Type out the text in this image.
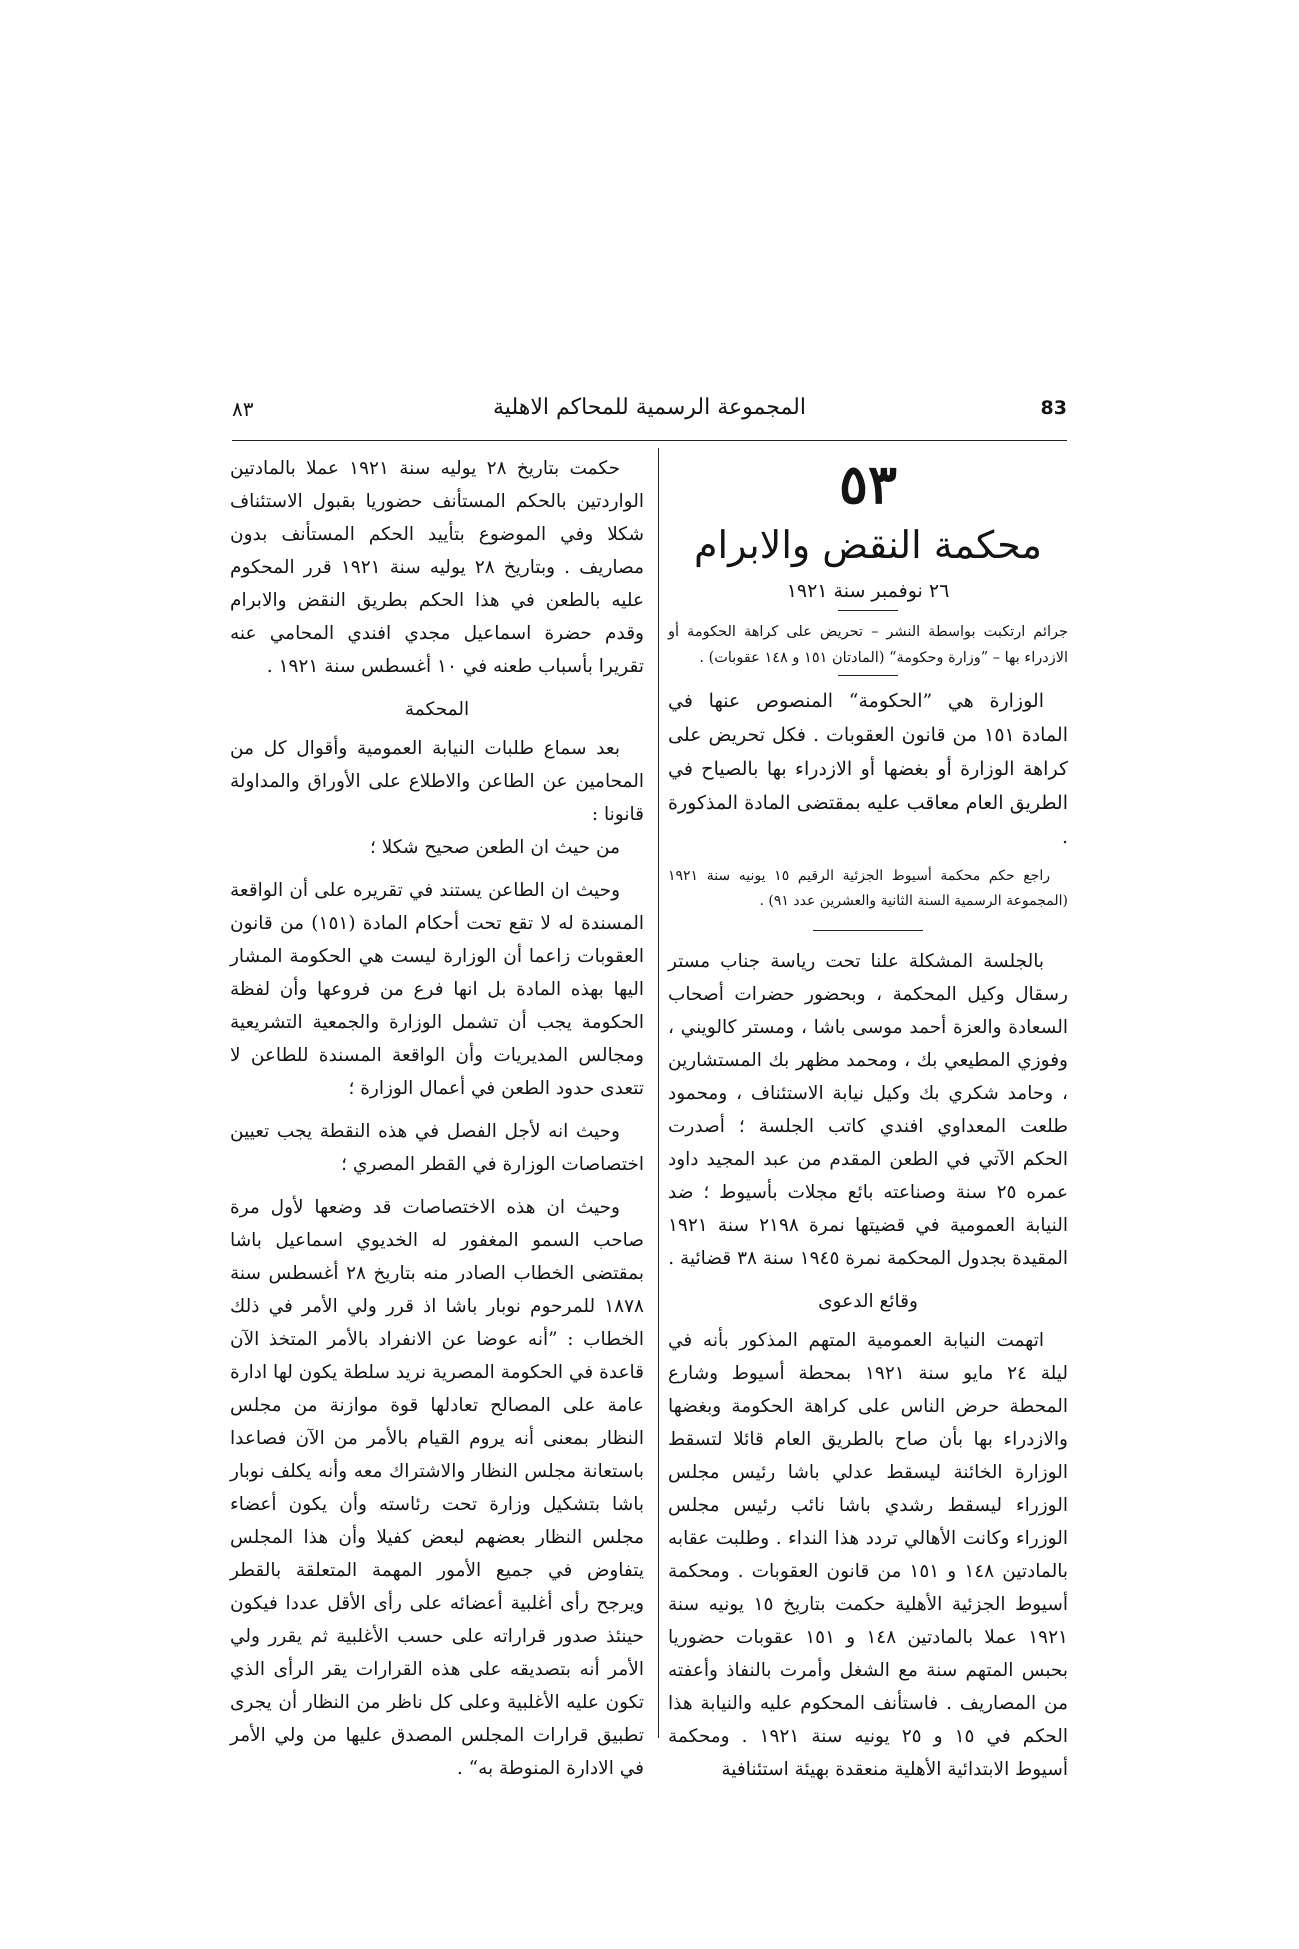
٨٣	المجموعة الرسمية للمحاكم الاهلية	83
٥٣
محكمة النقض والابرام
٢٦ نوفمبر سنة ١٩٢١

جرائم ارتكبت بواسطة النشر – تحريض على كراهة الحكومة أو الازدراء بها – ”وزارة وحكومة“ (المادتان ١٥١ و ١٤٨ عقوبات) .

الوزارة هي ”الحكومة“ المنصوص عنها في المادة ١٥١ من قانون العقوبات . فكل تحريض على كراهة الوزارة أو بغضها أو الازدراء بها بالصياح في الطريق العام معاقب عليه بمقتضى المادة المذكورة .

راجع حكم محكمة أسيوط الجزئية الرقيم ١٥ يونيه سنة ١٩٢١ (المجموعة الرسمية السنة الثانية والعشرين عدد ٩١) .

بالجلسة المشكلة علنا تحت رياسة جناب مستر رسقال وكيل المحكمة ، وبحضور حضرات أصحاب السعادة والعزة أحمد موسى باشا ، ومستر كالويني ، وفوزي المطيعي بك ، ومحمد مظهر بك المستشارين ، وحامد شكري بك وكيل نيابة الاستئناف ، ومحمود طلعت المعداوي افندي كاتب الجلسة ؛ أصدرت الحكم الآتي في الطعن المقدم من عبد المجيد داود عمره ٢٥ سنة وصناعته بائع مجلات بأسيوط ؛ ضد النيابة العمومية في قضيتها نمرة ٢١٩٨ سنة ١٩٢١ المقيدة بجدول المحكمة نمرة ١٩٤٥ سنة ٣٨ قضائية .

وقائع الدعوى

اتهمت النيابة العمومية المتهم المذكور بأنه في ليلة ٢٤ مايو سنة ١٩٢١ بمحطة أسيوط وشارع المحطة حرض الناس على كراهة الحكومة وبغضها والازدراء بها بأن صاح بالطريق العام قائلا لتسقط الوزارة الخائنة ليسقط عدلي باشا رئيس مجلس الوزراء ليسقط رشدي باشا نائب رئيس مجلس الوزراء وكانت الأهالي تردد هذا النداء . وطلبت عقابه بالمادتين ١٤٨ و ١٥١ من قانون العقوبات . ومحكمة أسيوط الجزئية الأهلية حكمت بتاريخ ١٥ يونيه سنة ١٩٢١ عملا بالمادتين ١٤٨ و ١٥١ عقوبات حضوريا بحبس المتهم سنة مع الشغل وأمرت بالنفاذ وأعفته من المصاريف . فاستأنف المحكوم عليه والنيابة هذا الحكم في ١٥ و ٢٥ يونيه سنة ١٩٢١ . ومحكمة أسيوط الابتدائية الأهلية منعقدة بهيئة استئنافية

حكمت بتاريخ ٢٨ يوليه سنة ١٩٢١ عملا بالمادتين الواردتين بالحكم المستأنف حضوريا بقبول الاستئناف شكلا وفي الموضوع بتأييد الحكم المستأنف بدون مصاريف . وبتاريخ ٢٨ يوليه سنة ١٩٢١ قرر المحكوم عليه بالطعن في هذا الحكم بطريق النقض والابرام وقدم حضرة اسماعيل مجدي افندي المحامي عنه تقريرا بأسباب طعنه في ١٠ أغسطس سنة ١٩٢١ .

المحكمة

بعد سماع طلبات النيابة العمومية وأقوال كل من المحامين عن الطاعن والاطلاع على الأوراق والمداولة قانونا :

من حيث ان الطعن صحيح شكلا ؛

وحيث ان الطاعن يستند في تقريره على أن الواقعة المسندة له لا تقع تحت أحكام المادة (١٥١) من قانون العقوبات زاعما أن الوزارة ليست هي الحكومة المشار اليها بهذه المادة بل انها فرع من فروعها وأن لفظة الحكومة يجب أن تشمل الوزارة والجمعية التشريعية ومجالس المديريات وأن الواقعة المسندة للطاعن لا تتعدى حدود الطعن في أعمال الوزارة ؛

وحيث انه لأجل الفصل في هذه النقطة يجب تعيين اختصاصات الوزارة في القطر المصري ؛

وحيث ان هذه الاختصاصات قد وضعها لأول مرة صاحب السمو المغفور له الخديوي اسماعيل باشا بمقتضى الخطاب الصادر منه بتاريخ ٢٨ أغسطس سنة ١٨٧٨ للمرحوم نوبار باشا اذ قرر ولي الأمر في ذلك الخطاب : ”أنه عوضا عن الانفراد بالأمر المتخذ الآن قاعدة في الحكومة المصرية نريد سلطة يكون لها ادارة عامة على المصالح تعادلها قوة موازنة من مجلس النظار بمعنى أنه يروم القيام بالأمر من الآن فصاعدا باستعانة مجلس النظار والاشتراك معه وأنه يكلف نوبار باشا بتشكيل وزارة تحت رئاسته وأن يكون أعضاء مجلس النظار بعضهم لبعض كفيلا وأن هذا المجلس يتفاوض في جميع الأمور المهمة المتعلقة بالقطر ويرجح رأى أغلبية أعضائه على رأى الأقل عددا فيكون حينئذ صدور قراراته على حسب الأغلبية ثم يقرر ولي الأمر أنه بتصديقه على هذه القرارات يقر الرأى الذي تكون عليه الأغلبية وعلى كل ناظر من النظار أن يجرى تطبيق قرارات المجلس المصدق عليها من ولي الأمر في الادارة المنوطة به“ .
